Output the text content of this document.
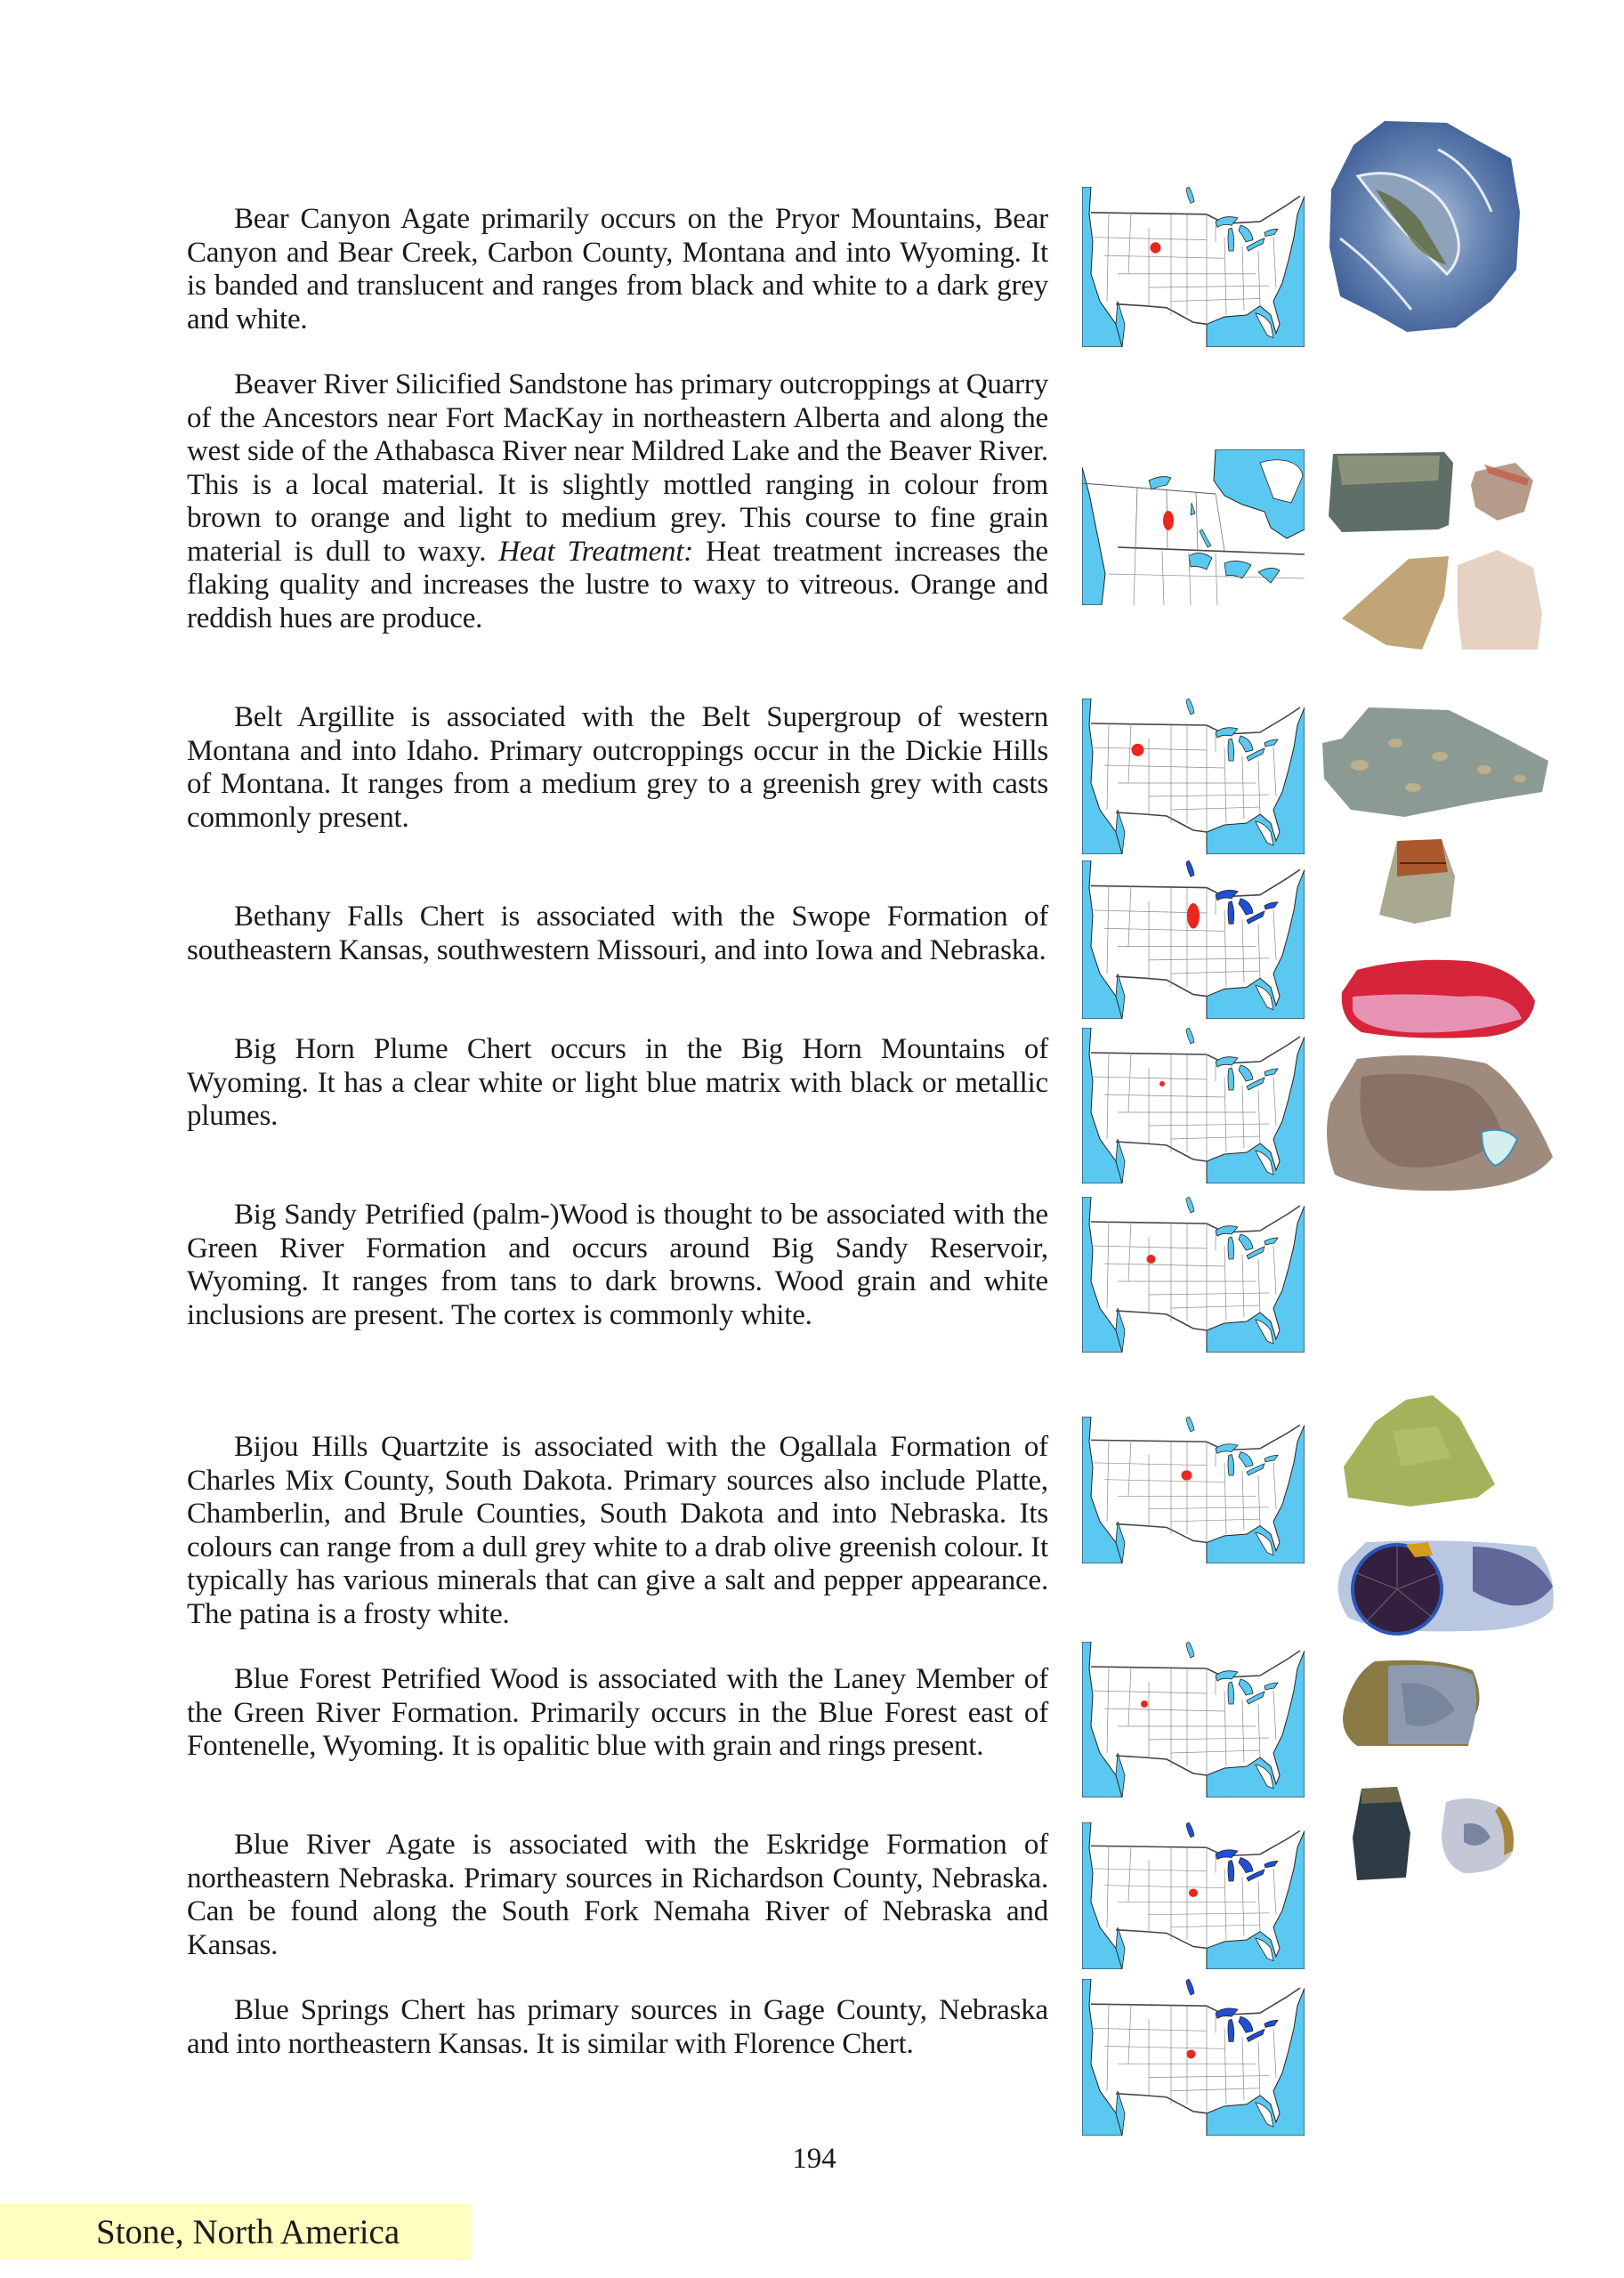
Bear Canyon Agate primarily occurs on the Pryor Mountains, Bear Canyon and Bear Creek, Carbon County, Montana and into Wyoming. It is banded and translucent and ranges from black and white to a dark grey and white.

Beaver River Silicified Sandstone has primary outcroppings at Quarry of the Ancestors near Fort MacKay in northeastern Alberta and along the west side of the Athabasca River near Mildred Lake and the Beaver River. This is a local material. It is slightly mottled ranging in colour from brown to orange and light to medium grey. This course to fine grain material is dull to waxy. Heat Treatment: Heat treatment increases the flaking quality and increases the lustre to waxy to vitreous. Orange and reddish hues are produce.

Belt Argillite is associated with the Belt Supergroup of western Montana and into Idaho. Primary outcroppings occur in the Dickie Hills of Montana. It ranges from a medium grey to a greenish grey with casts commonly present.

Bethany Falls Chert is associated with the Swope Formation of southeastern Kansas, southwestern Missouri, and into Iowa and Nebraska.

Big Horn Plume Chert occurs in the Big Horn Mountains of Wyoming. It has a clear white or light blue matrix with black or metallic plumes.

Big Sandy Petrified (palm-)Wood is thought to be associated with the Green River Formation and occurs around Big Sandy Reservoir, Wyoming. It ranges from tans to dark browns. Wood grain and white inclusions are present. The cortex is commonly white.

Bijou Hills Quartzite is associated with the Ogallala Formation of Charles Mix County, South Dakota. Primary sources also include Platte, Chamberlin, and Brule Counties, South Dakota and into Nebraska. Its colours can range from a dull grey white to a drab olive greenish colour. It typically has various minerals that can give a salt and pepper appearance. The patina is a frosty white.

Blue Forest Petrified Wood is associated with the Laney Member of the Green River Formation. Primarily occurs in the Blue Forest east of Fontenelle, Wyoming. It is opalitic blue with grain and rings present.

Blue River Agate is associated with the Eskridge Formation of northeastern Nebraska. Primary sources in Richardson County, Nebraska. Can be found along the South Fork Nemaha River of Nebraska and Kansas.

Blue Springs Chert has primary sources in Gage County, Nebraska and into northeastern Kansas. It is similar with Florence Chert.

194
Stone, North America
